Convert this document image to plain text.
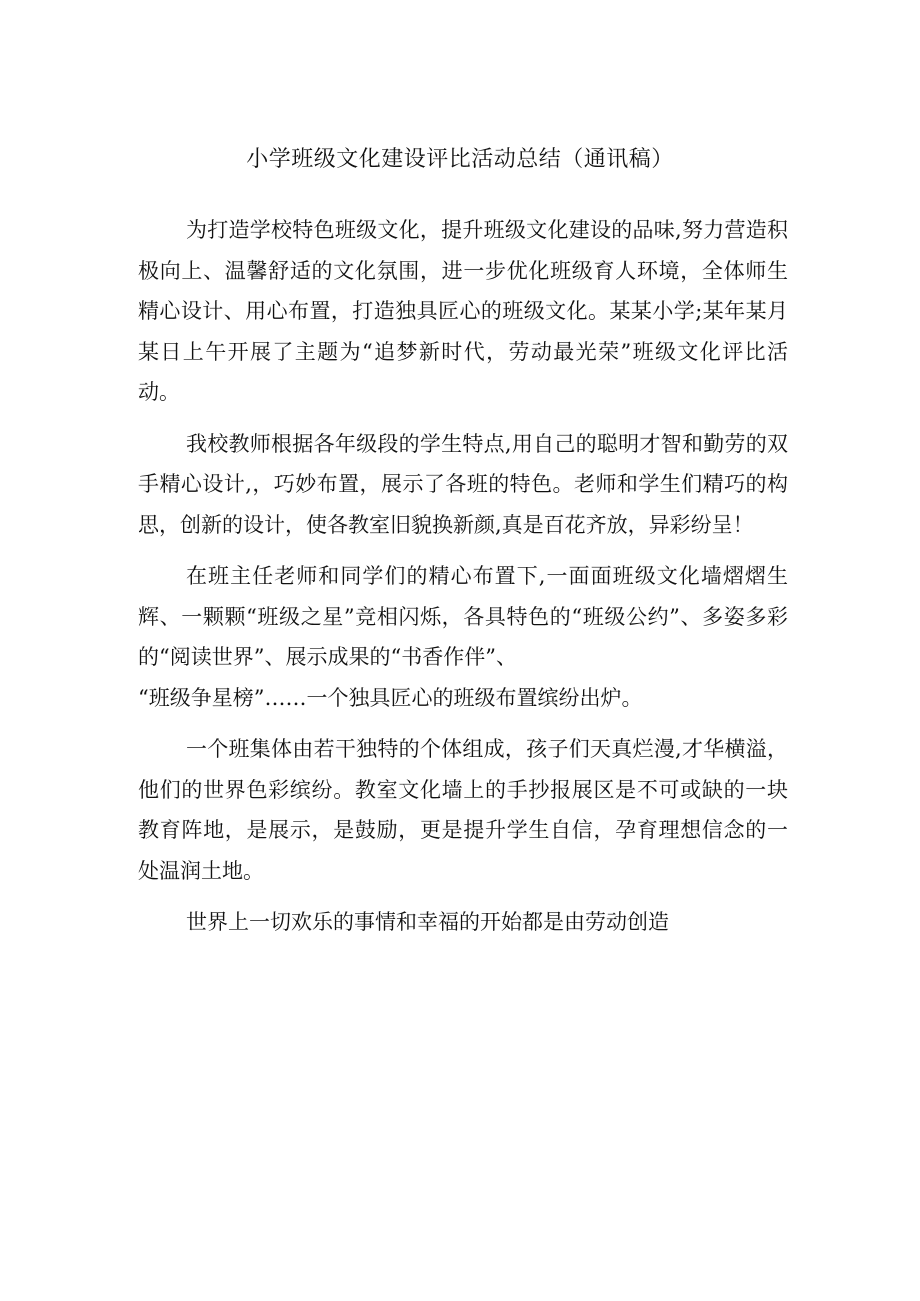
小学班级文化建设评比活动总结（通讯稿）

为打造学校特色班级文化，提升班级文化建设的品味,努力营造积极向上、温馨舒适的文化氛围，进一步优化班级育人环境，全体师生精心设计、用心布置，打造独具匠心的班级文化。某某小学;某年某月某日上午开展了主题为“追梦新时代，劳动最光荣”班级文化评比活动。

我校教师根据各年级段的学生特点,用自己的聪明才智和勤劳的双手精心设计,，巧妙布置，展示了各班的特色。老师和学生们精巧的构思，创新的设计，使各教室旧貌换新颜,真是百花齐放，异彩纷呈！

在班主任老师和同学们的精心布置下,一面面班级文化墙熠熠生辉、一颗颗“班级之星”竞相闪烁，各具特色的“班级公约”、多姿多彩的“阅读世界”、展示成果的“书香作伴”、

“班级争星榜”……一个独具匠心的班级布置缤纷出炉。

一个班集体由若干独特的个体组成，孩子们天真烂漫,才华横溢，他们的世界色彩缤纷。教室文化墙上的手抄报展区是不可或缺的一块教育阵地，是展示，是鼓励，更是提升学生自信，孕育理想信念的一处温润土地。

世界上一切欢乐的事情和幸福的开始都是由劳动创造
